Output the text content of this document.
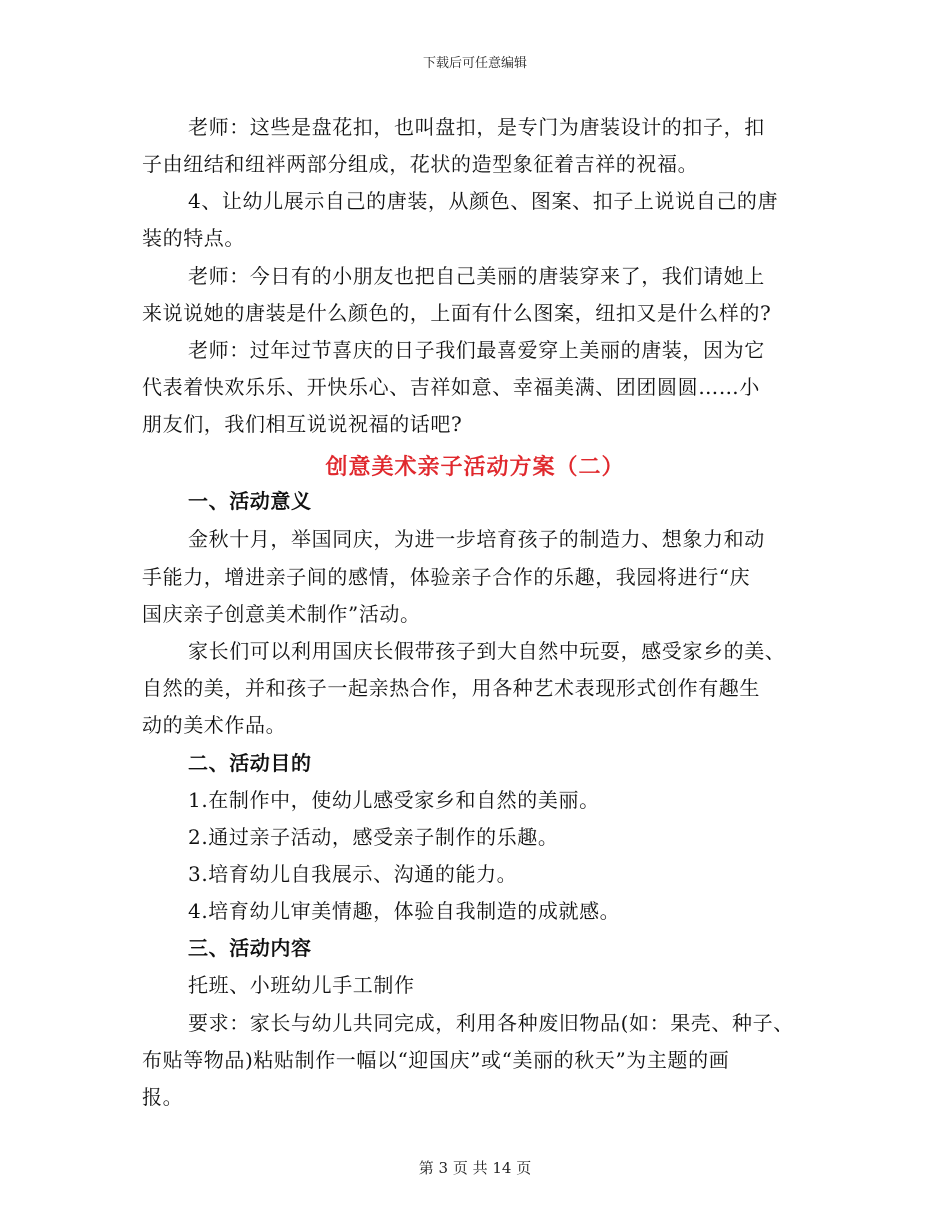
下载后可任意编辑
老师：这些是盘花扣，也叫盘扣，是专门为唐装设计的扣子，扣
子由纽结和纽袢两部分组成，花状的造型象征着吉祥的祝福。
4、让幼儿展示自己的唐装，从颜色、图案、扣子上说说自己的唐
装的特点。
老师：今日有的小朋友也把自己美丽的唐装穿来了，我们请她上
来说说她的唐装是什么颜色的，上面有什么图案，纽扣又是什么样的?
老师：过年过节喜庆的日子我们最喜爱穿上美丽的唐装，因为它
代表着快欢乐乐、开快乐心、吉祥如意、幸福美满、团团圆圆……小
朋友们，我们相互说说祝福的话吧?
创意美术亲子活动方案（二）
一、活动意义
金秋十月，举国同庆，为进一步培育孩子的制造力、想象力和动
手能力，增进亲子间的感情，体验亲子合作的乐趣，我园将进行“庆
国庆亲子创意美术制作”活动。
家长们可以利用国庆长假带孩子到大自然中玩耍，感受家乡的美、
自然的美，并和孩子一起亲热合作，用各种艺术表现形式创作有趣生
动的美术作品。
二、活动目的
1.在制作中，使幼儿感受家乡和自然的美丽。
2.通过亲子活动，感受亲子制作的乐趣。
3.培育幼儿自我展示、沟通的能力。
4.培育幼儿审美情趣，体验自我制造的成就感。
三、活动内容
托班、小班幼儿手工制作
要求：家长与幼儿共同完成，利用各种废旧物品(如：果壳、种子、
布贴等物品)粘贴制作一幅以“迎国庆”或“美丽的秋天”为主题的画
报。
第 3 页 共 14 页
